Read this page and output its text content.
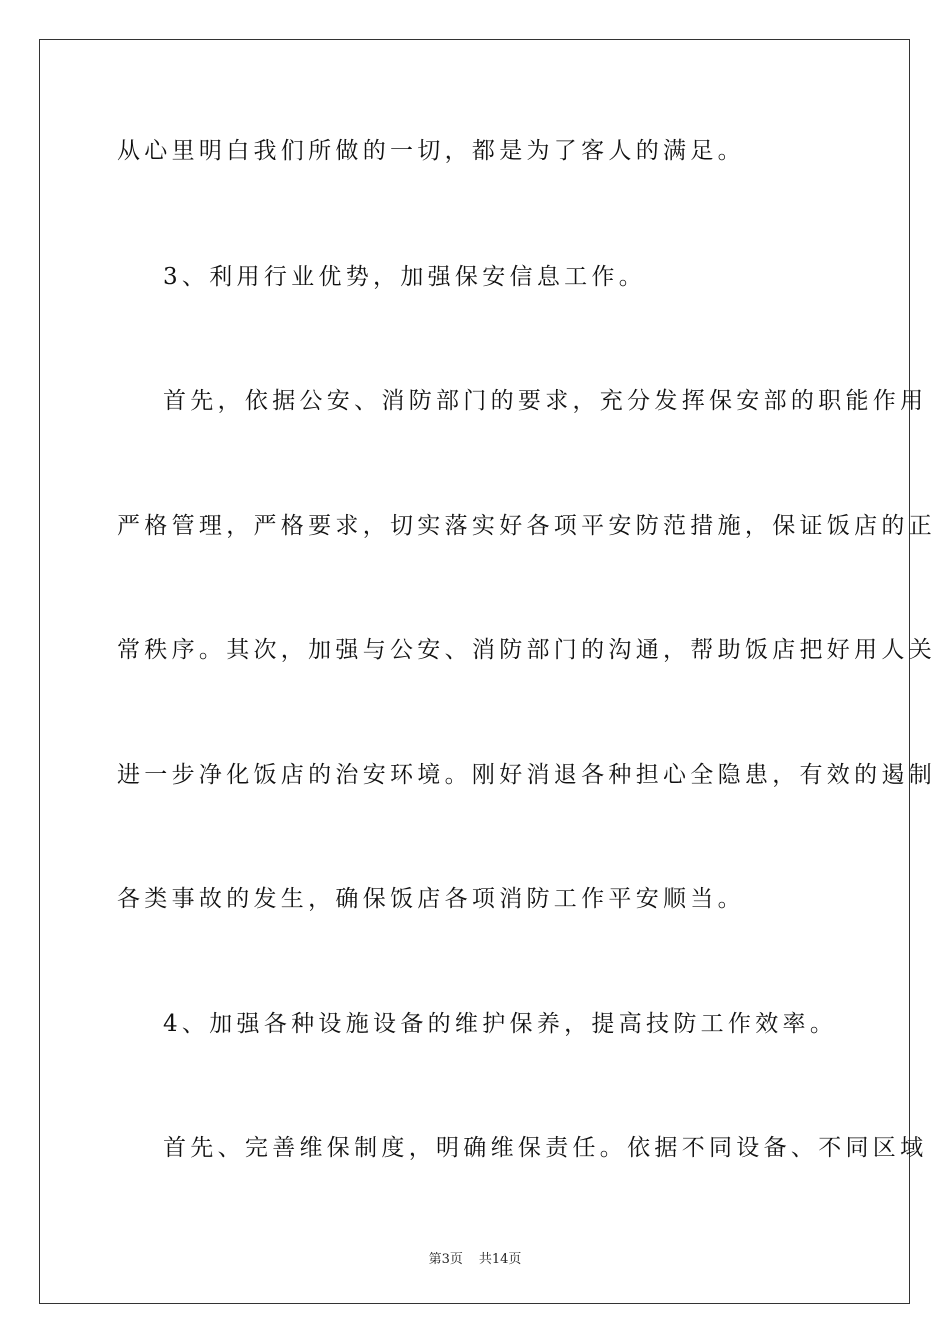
从心里明白我们所做的一切，都是为了客人的满足。
3、利用行业优势，加强保安信息工作。
首先，依据公安、消防部门的要求，充分发挥保安部的职能作用
严格管理，严格要求，切实落实好各项平安防范措施，保证饭店的正
常秩序。其次，加强与公安、消防部门的沟通，帮助饭店把好用人关
进一步净化饭店的治安环境。刚好消退各种担心全隐患，有效的遏制
各类事故的发生，确保饭店各项消防工作平安顺当。
4、加强各种设施设备的维护保养，提高技防工作效率。
首先、完善维保制度，明确维保责任。依据不同设备、不同区域
第3页 共14页
